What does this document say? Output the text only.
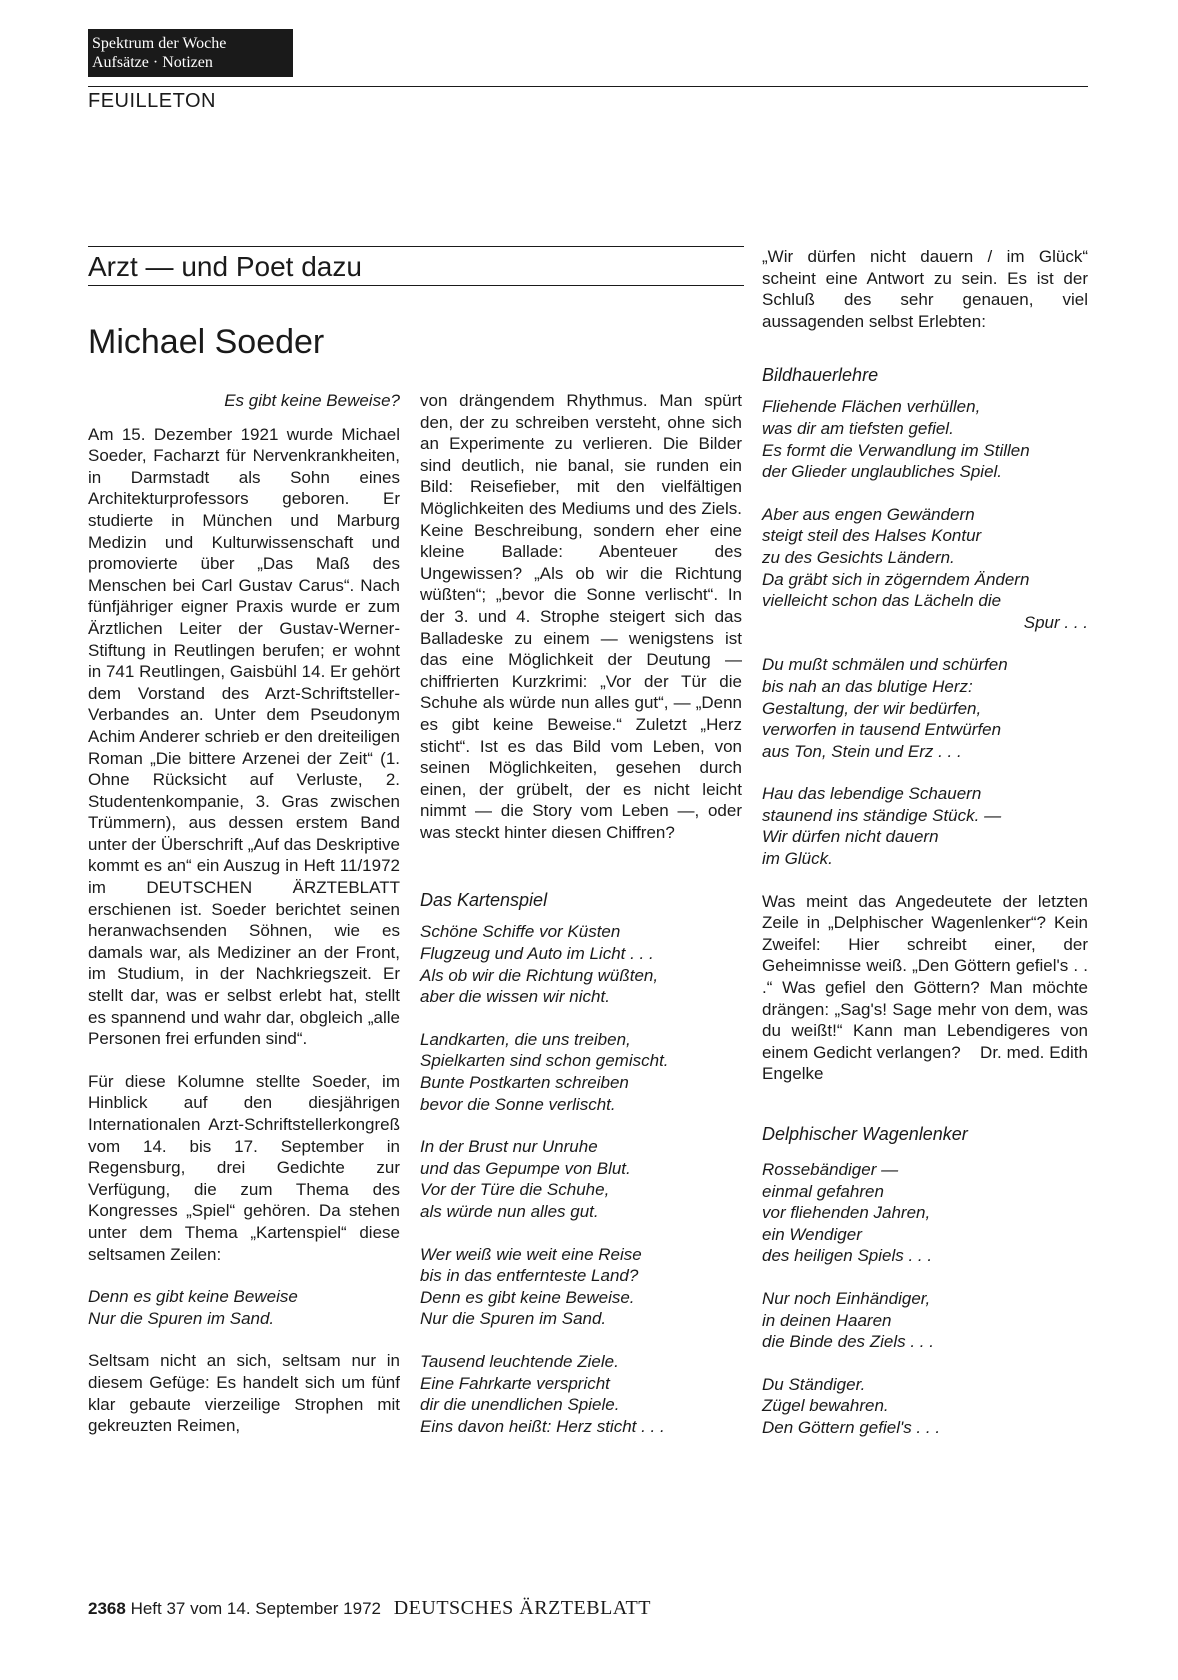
Spektrum der Woche
Aufsätze · Notizen
FEUILLETON
Arzt — und Poet dazu
Michael Soeder

Es gibt keine Beweise?

Am 15. Dezember 1921 wurde Michael Soeder, Facharzt für Nervenkrankheiten, in Darmstadt als Sohn eines Architekturprofessors geboren. Er studierte in München und Marburg Medizin und Kulturwissenschaft und promovierte über „Das Maß des Menschen bei Carl Gustav Carus“. Nach fünfjähriger eigner Praxis wurde er zum Ärztlichen Leiter der Gustav-Werner-Stiftung in Reutlingen berufen; er wohnt in 741 Reutlingen, Gaisbühl 14. Er gehört dem Vorstand des Arzt-Schriftsteller-Verbandes an. Unter dem Pseudonym Achim Anderer schrieb er den dreiteiligen Roman „Die bittere Arzenei der Zeit“ (1. Ohne Rücksicht auf Verluste, 2. Studentenkompanie, 3. Gras zwischen Trümmern), aus dessen erstem Band unter der Überschrift „Auf das Deskriptive kommt es an“ ein Auszug in Heft 11/1972 im DEUTSCHEN ÄRZTEBLATT erschienen ist. Soeder berichtet seinen heranwachsenden Söhnen, wie es damals war, als Mediziner an der Front, im Studium, in der Nachkriegszeit. Er stellt dar, was er selbst erlebt hat, stellt es spannend und wahr dar, obgleich „alle Personen frei erfunden sind“.

Für diese Kolumne stellte Soeder, im Hinblick auf den diesjährigen Internationalen Arzt-Schriftstellerkongreß vom 14. bis 17. September in Regensburg, drei Gedichte zur Verfügung, die zum Thema des Kongresses „Spiel“ gehören. Da stehen unter dem Thema „Kartenspiel“ diese seltsamen Zeilen:

Denn es gibt keine Beweise

Nur die Spuren im Sand.

Seltsam nicht an sich, seltsam nur in diesem Gefüge: Es handelt sich um fünf klar gebaute vierzeilige Strophen mit gekreuzten Reimen,

von drängendem Rhythmus. Man spürt den, der zu schreiben versteht, ohne sich an Experimente zu verlieren. Die Bilder sind deutlich, nie banal, sie runden ein Bild: Reisefieber, mit den vielfältigen Möglichkeiten des Mediums und des Ziels. Keine Beschreibung, sondern eher eine kleine Ballade: Abenteuer des Ungewissen? „Als ob wir die Richtung wüßten“; „bevor die Sonne verlischt“. In der 3. und 4. Strophe steigert sich das Balladeske zu einem — wenigstens ist das eine Möglichkeit der Deutung — chiffrierten Kurzkrimi: „Vor der Tür die Schuhe als würde nun alles gut“, — „Denn es gibt keine Beweise.“ Zuletzt „Herz sticht“. Ist es das Bild vom Leben, von seinen Möglichkeiten, gesehen durch einen, der grübelt, der es nicht leicht nimmt — die Story vom Leben —, oder was steckt hinter diesen Chiffren?

Das Kartenspiel

Schöne Schiffe vor Küsten

Flugzeug und Auto im Licht . . .

Als ob wir die Richtung wüßten,

aber die wissen wir nicht.

Landkarten, die uns treiben,

Spielkarten sind schon gemischt.

Bunte Postkarten schreiben

bevor die Sonne verlischt.

In der Brust nur Unruhe

und das Gepumpe von Blut.

Vor der Türe die Schuhe,

als würde nun alles gut.

Wer weiß wie weit eine Reise

bis in das entfernteste Land?

Denn es gibt keine Beweise.

Nur die Spuren im Sand.

Tausend leuchtende Ziele.

Eine Fahrkarte verspricht

dir die unendlichen Spiele.

Eins davon heißt: Herz sticht . . .

„Wir dürfen nicht dauern / im Glück“ scheint eine Antwort zu sein. Es ist der Schluß des sehr genauen, viel aussagenden selbst Erlebten:

Bildhauerlehre

Fliehende Flächen verhüllen,

was dir am tiefsten gefiel.

Es formt die Verwandlung im Stillen

der Glieder unglaubliches Spiel.

Aber aus engen Gewändern

steigt steil des Halses Kontur

zu des Gesichts Ländern.

Da gräbt sich in zögerndem Ändern

vielleicht schon das Lächeln die

Spur . . .

Du mußt schmälen und schürfen

bis nah an das blutige Herz:

Gestaltung, der wir bedürfen,

verworfen in tausend Entwürfen

aus Ton, Stein und Erz . . .

Hau das lebendige Schauern

staunend ins ständige Stück. —

Wir dürfen nicht dauern

im Glück.

Was meint das Angedeutete der letzten Zeile in „Delphischer Wagenlenker“? Kein Zweifel: Hier schreibt einer, der Geheimnisse weiß. „Den Göttern gefiel's . . .“ Was gefiel den Göttern? Man möchte drängen: „Sag's! Sage mehr von dem, was du weißt!“ Kann man Lebendigeres von einem Gedicht verlangen? Dr. med. Edith Engelke

Delphischer Wagenlenker

Rossebändiger —

einmal gefahren

vor fliehenden Jahren,

ein Wendiger

des heiligen Spiels . . .

Nur noch Einhändiger,

in deinen Haaren

die Binde des Ziels . . .

Du Ständiger.

Zügel bewahren.

Den Göttern gefiel's . . .

2368 Heft 37 vom 14. September 1972 DEUTSCHES ÄRZTEBLATT
